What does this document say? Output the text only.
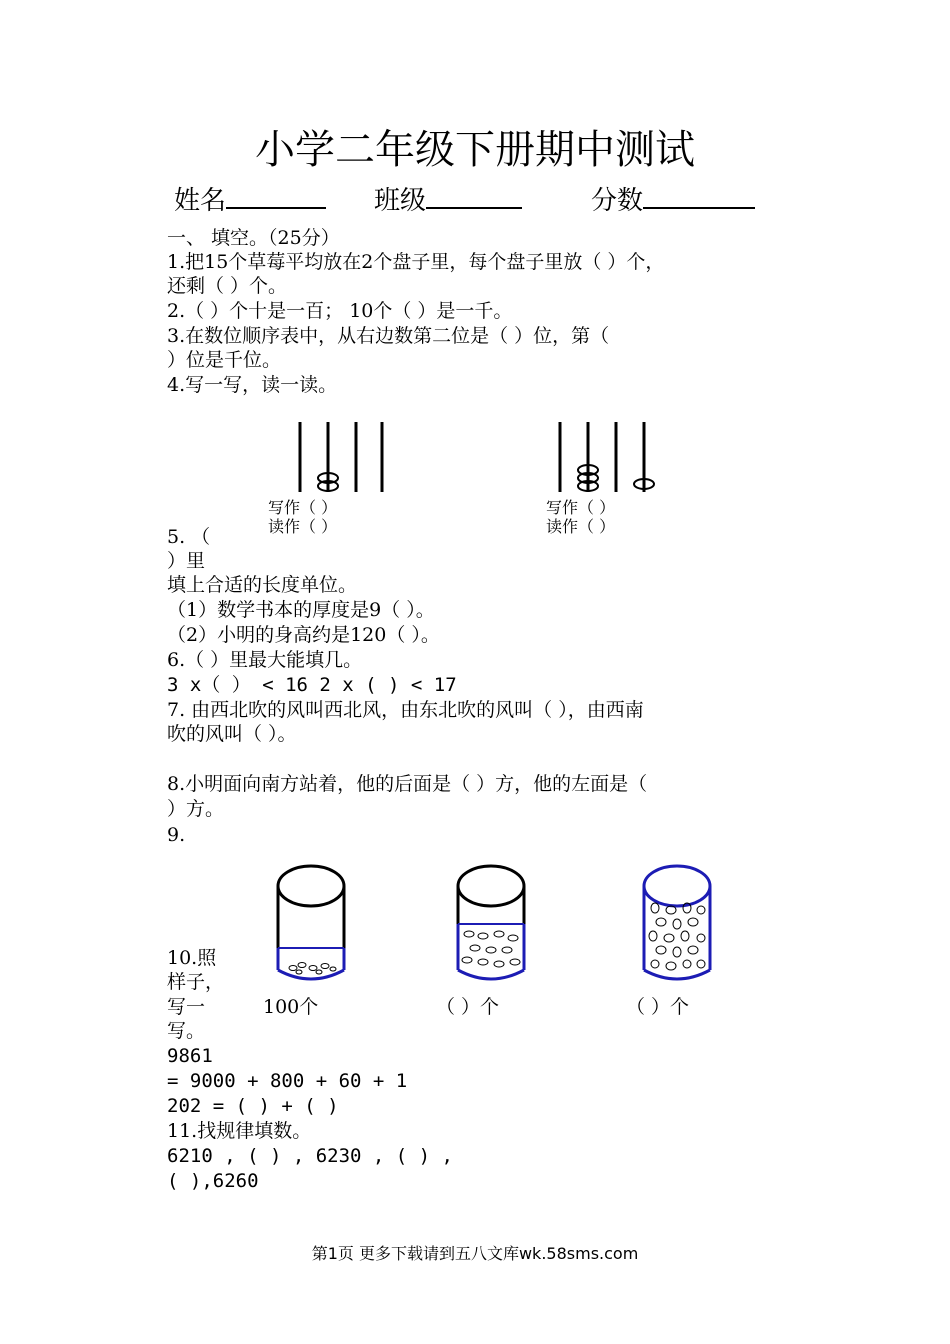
小学二年级下册期中测试
姓名	班级	分数
一、 填空。（25分）
1.把15个草莓平均放在2个盘子里，每个盘子里放（ ）个，
还剩（ ）个。
2.（ ）个十是一百； 10个（ ）是一千。
3.在数位顺序表中，从右边数第二位是（ ）位，第（
）位是千位。
4.写一写，读一读。
写作（ ）
读作（ ）
写作（ ）
读作（ ）
5. （
）里
填上合适的长度单位。
（1）数学书本的厚度是9（ ）。
（2）小明的身高约是120（ ）。
6.（ ）里最大能填几。
3 x（ ） < 16 2 x ( ) < 17
7. 由西北吹的风叫西北风，由东北吹的风叫（ ），由西南
吹的风叫（ ）。
8.小明面向南方站着，他的后面是（ ）方，他的左面是（
）方。
9.
10.照
样子，
写一	100个	（ ）个	（ ）个
写。
9861
= 9000 + 800 + 60 + 1
202 = ( ) + ( )
11.找规律填数。
6210 , ( ) , 6230 , ( ) ,
( ),6260
第1页 更多下载请到五八文库wk.58sms.com
